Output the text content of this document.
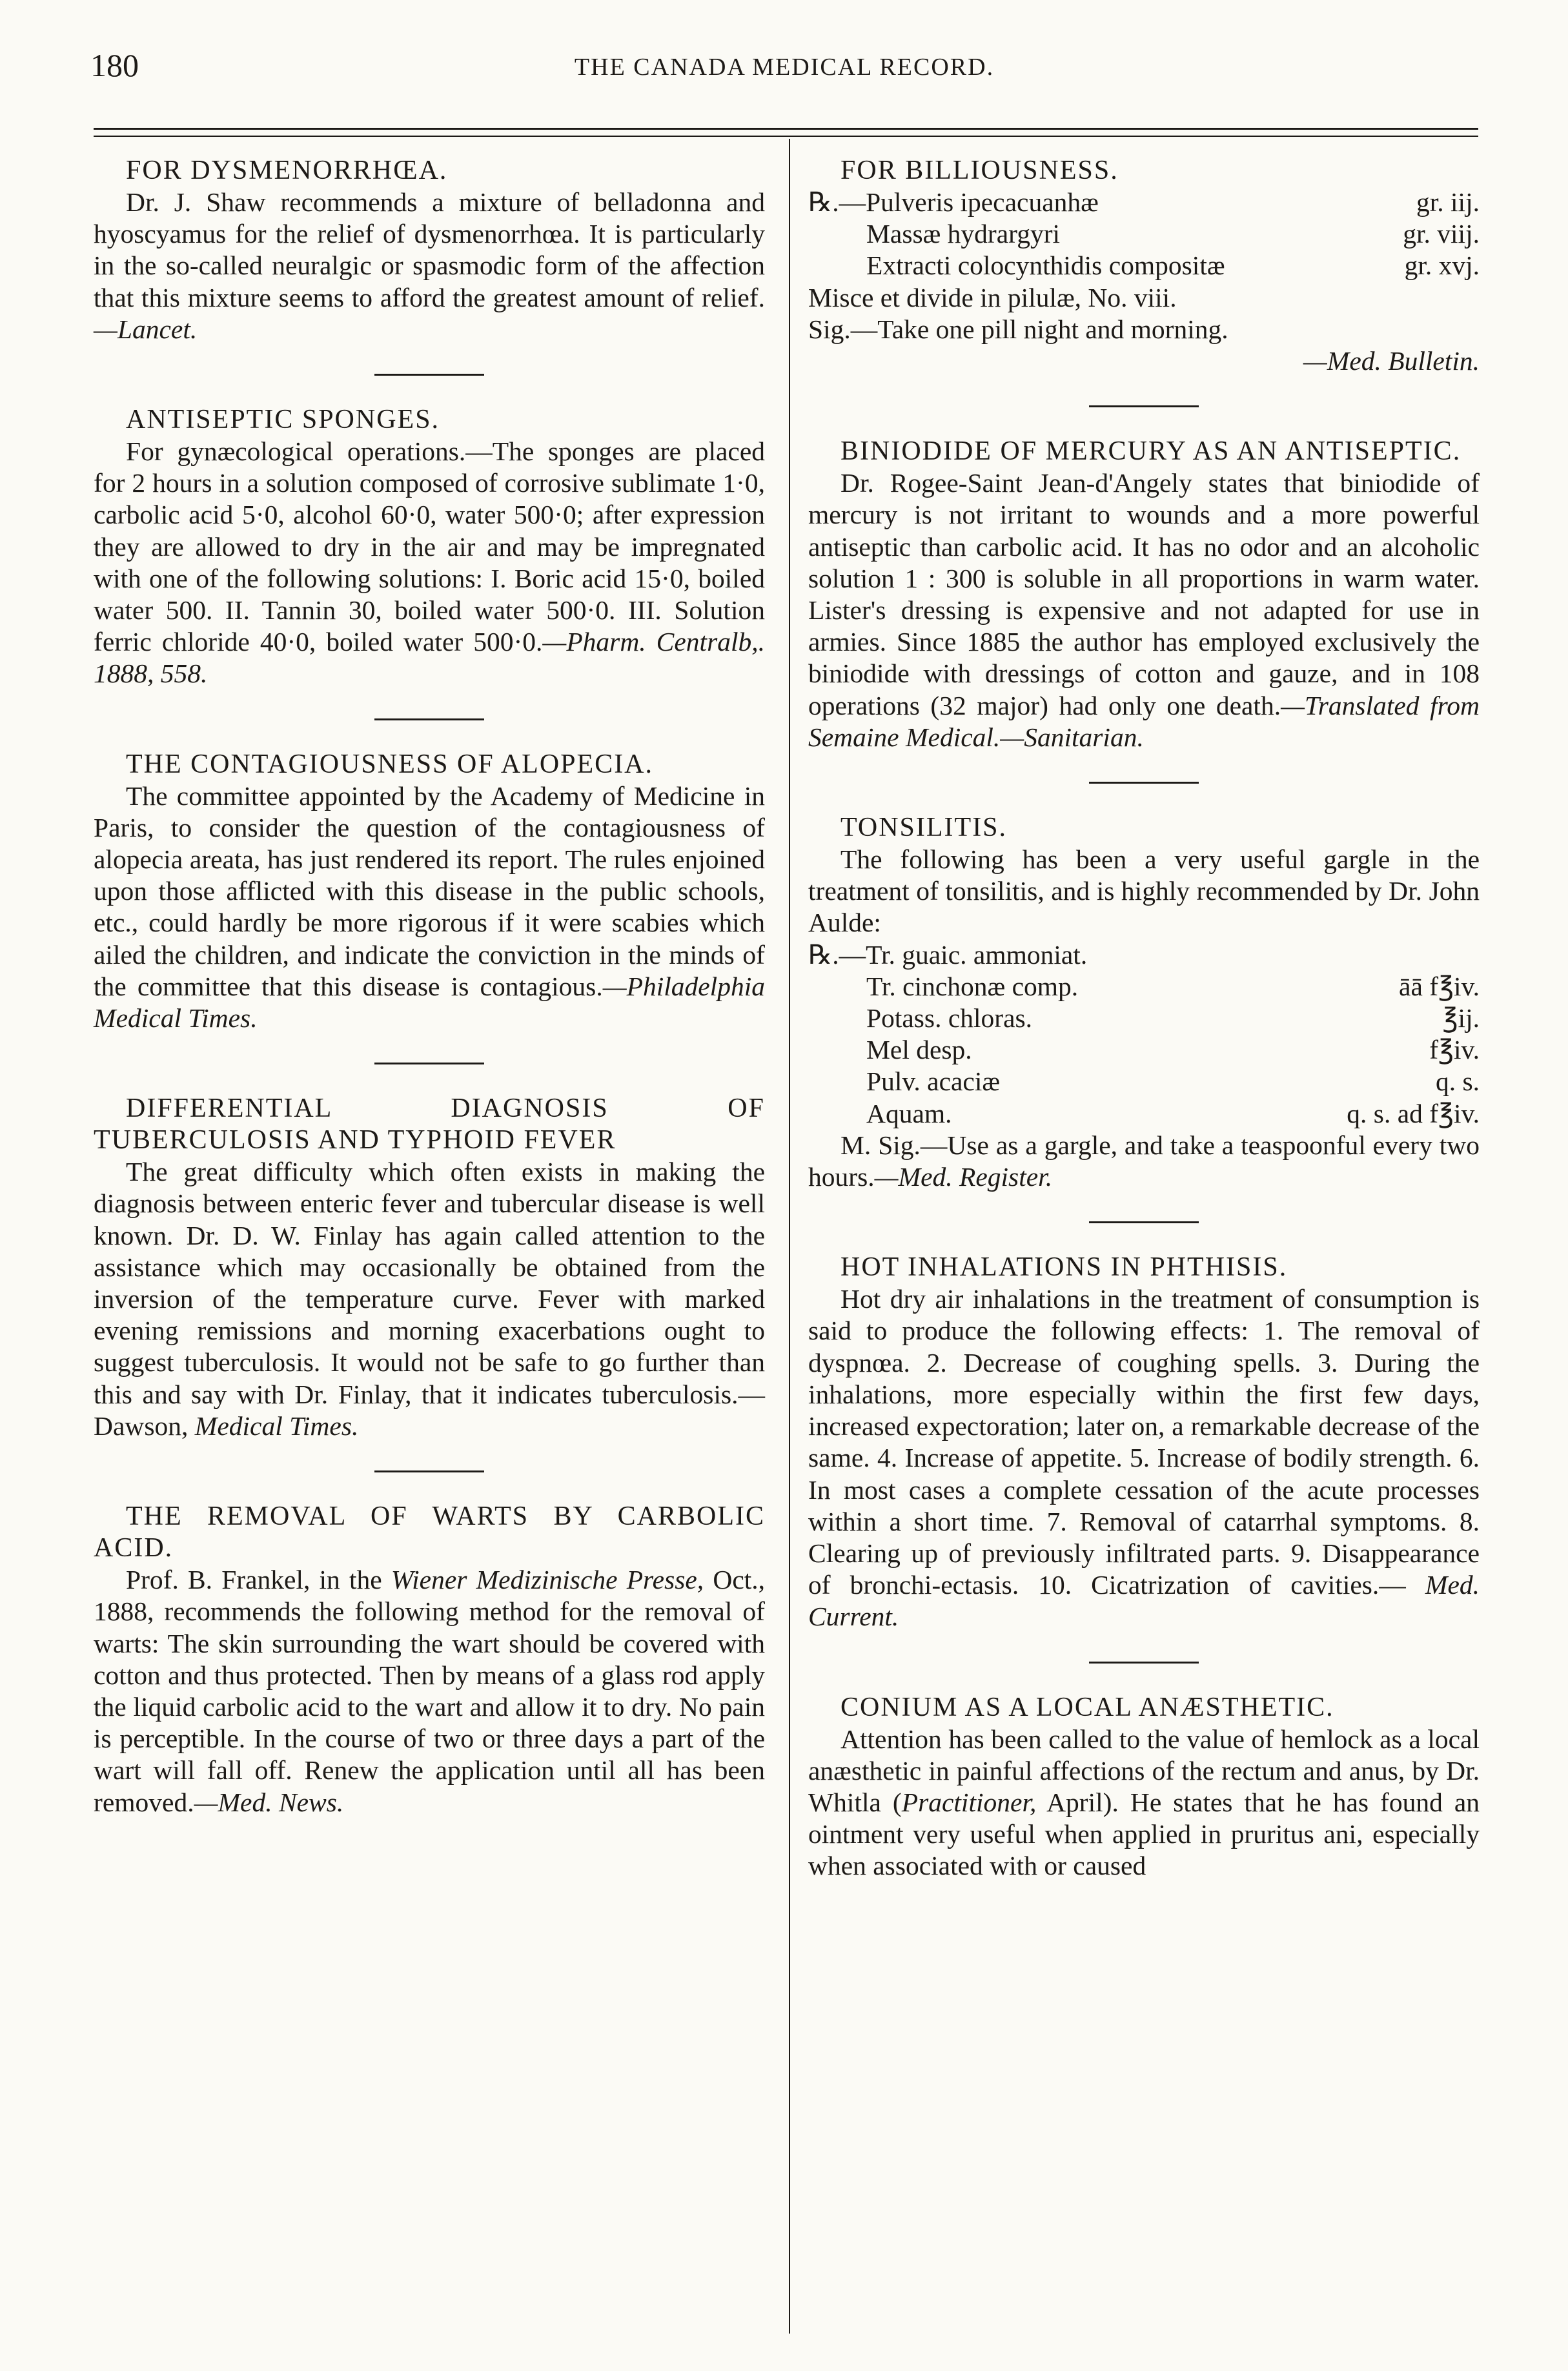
180	THE CANADA MEDICAL RECORD.

FOR DYSMENORRHŒA.

Dr. J. Shaw recommends a mixture of belladonna and hyoscyamus for the relief of dysmenorrhœa. It is particularly in the so-called neuralgic or spasmodic form of the affection that this mixture seems to afford the greatest amount of relief.—Lancet.

ANTISEPTIC SPONGES.

For gynæcological operations.—The sponges are placed for 2 hours in a solution composed of corrosive sublimate 1·0, carbolic acid 5·0, alcohol 60·0, water 500·0; after expression they are allowed to dry in the air and may be impregnated with one of the following solutions: I. Boric acid 15·0, boiled water 500. II. Tannin 30, boiled water 500·0. III. Solution ferric chloride 40·0, boiled water 500·0.—Pharm. Centralb,. 1888, 558.

THE CONTAGIOUSNESS OF ALOPECIA.

The committee appointed by the Academy of Medicine in Paris, to consider the question of the contagiousness of alopecia areata, has just rendered its report. The rules enjoined upon those afflicted with this disease in the public schools, etc., could hardly be more rigorous if it were scabies which ailed the children, and indicate the conviction in the minds of the committee that this disease is contagious.—Philadelphia Medical Times.

DIFFERENTIAL DIAGNOSIS OF TUBERCULOSIS AND TYPHOID FEVER

The great difficulty which often exists in making the diagnosis between enteric fever and tubercular disease is well known. Dr. D. W. Finlay has again called attention to the assistance which may occasionally be obtained from the inversion of the temperature curve. Fever with marked evening remissions and morning exacerbations ought to suggest tuberculosis. It would not be safe to go further than this and say with Dr. Finlay, that it indicates tuberculosis.—Dawson, Medical Times.

THE REMOVAL OF WARTS BY CARBOLIC ACID.

Prof. B. Frankel, in the Wiener Medizinische Presse, Oct., 1888, recommends the following method for the removal of warts: The skin surrounding the wart should be covered with cotton and thus protected. Then by means of a glass rod apply the liquid carbolic acid to the wart and allow it to dry. No pain is perceptible. In the course of two or three days a part of the wart will fall off. Renew the application until all has been removed.—Med. News.

FOR BILLIOUSNESS.

℞.—Pulveris ipecacuanhæ	gr. iij.

Massæ hydrargyri	gr. viij.

Extracti colocynthidis compositæ	gr. xvj.

Misce et divide in pilulæ, No. viii.

Sig.—Take one pill night and morning.

—Med. Bulletin.

BINIODIDE OF MERCURY AS AN ANTISEPTIC.

Dr. Rogee-Saint Jean-d'Angely states that biniodide of mercury is not irritant to wounds and a more powerful antiseptic than carbolic acid. It has no odor and an alcoholic solution 1 : 300 is soluble in all proportions in warm water. Lister's dressing is expensive and not adapted for use in armies. Since 1885 the author has employed exclusively the biniodide with dressings of cotton and gauze, and in 108 operations (32 major) had only one death.—Translated from Semaine Medical.—Sanitarian.

TONSILITIS.

The following has been a very useful gargle in the treatment of tonsilitis, and is highly recommended by Dr. John Aulde:

℞.—Tr. guaic. ammoniat.

Tr. cinchonæ comp.	āā f℥iv.

Potass. chloras.	℥ij.

Mel desp.	f℥iv.

Pulv. acaciæ	q. s.

Aquam.	q. s. ad f℥iv.

M. Sig.—Use as a gargle, and take a teaspoonful every two hours.—Med. Register.

HOT INHALATIONS IN PHTHISIS.

Hot dry air inhalations in the treatment of consumption is said to produce the following effects: 1. The removal of dyspnœa. 2. Decrease of coughing spells. 3. During the inhalations, more especially within the first few days, increased expectoration; later on, a remarkable decrease of the same. 4. Increase of appetite. 5. Increase of bodily strength. 6. In most cases a complete cessation of the acute processes within a short time. 7. Removal of catarrhal symptoms. 8. Clearing up of previously infiltrated parts. 9. Disappearance of bronchi-ectasis. 10. Cicatrization of cavities.— Med. Current.

CONIUM AS A LOCAL ANÆSTHETIC.

Attention has been called to the value of hemlock as a local anæsthetic in painful affections of the rectum and anus, by Dr. Whitla (Practitioner, April). He states that he has found an ointment very useful when applied in pruritus ani, especially when associated with or caused
